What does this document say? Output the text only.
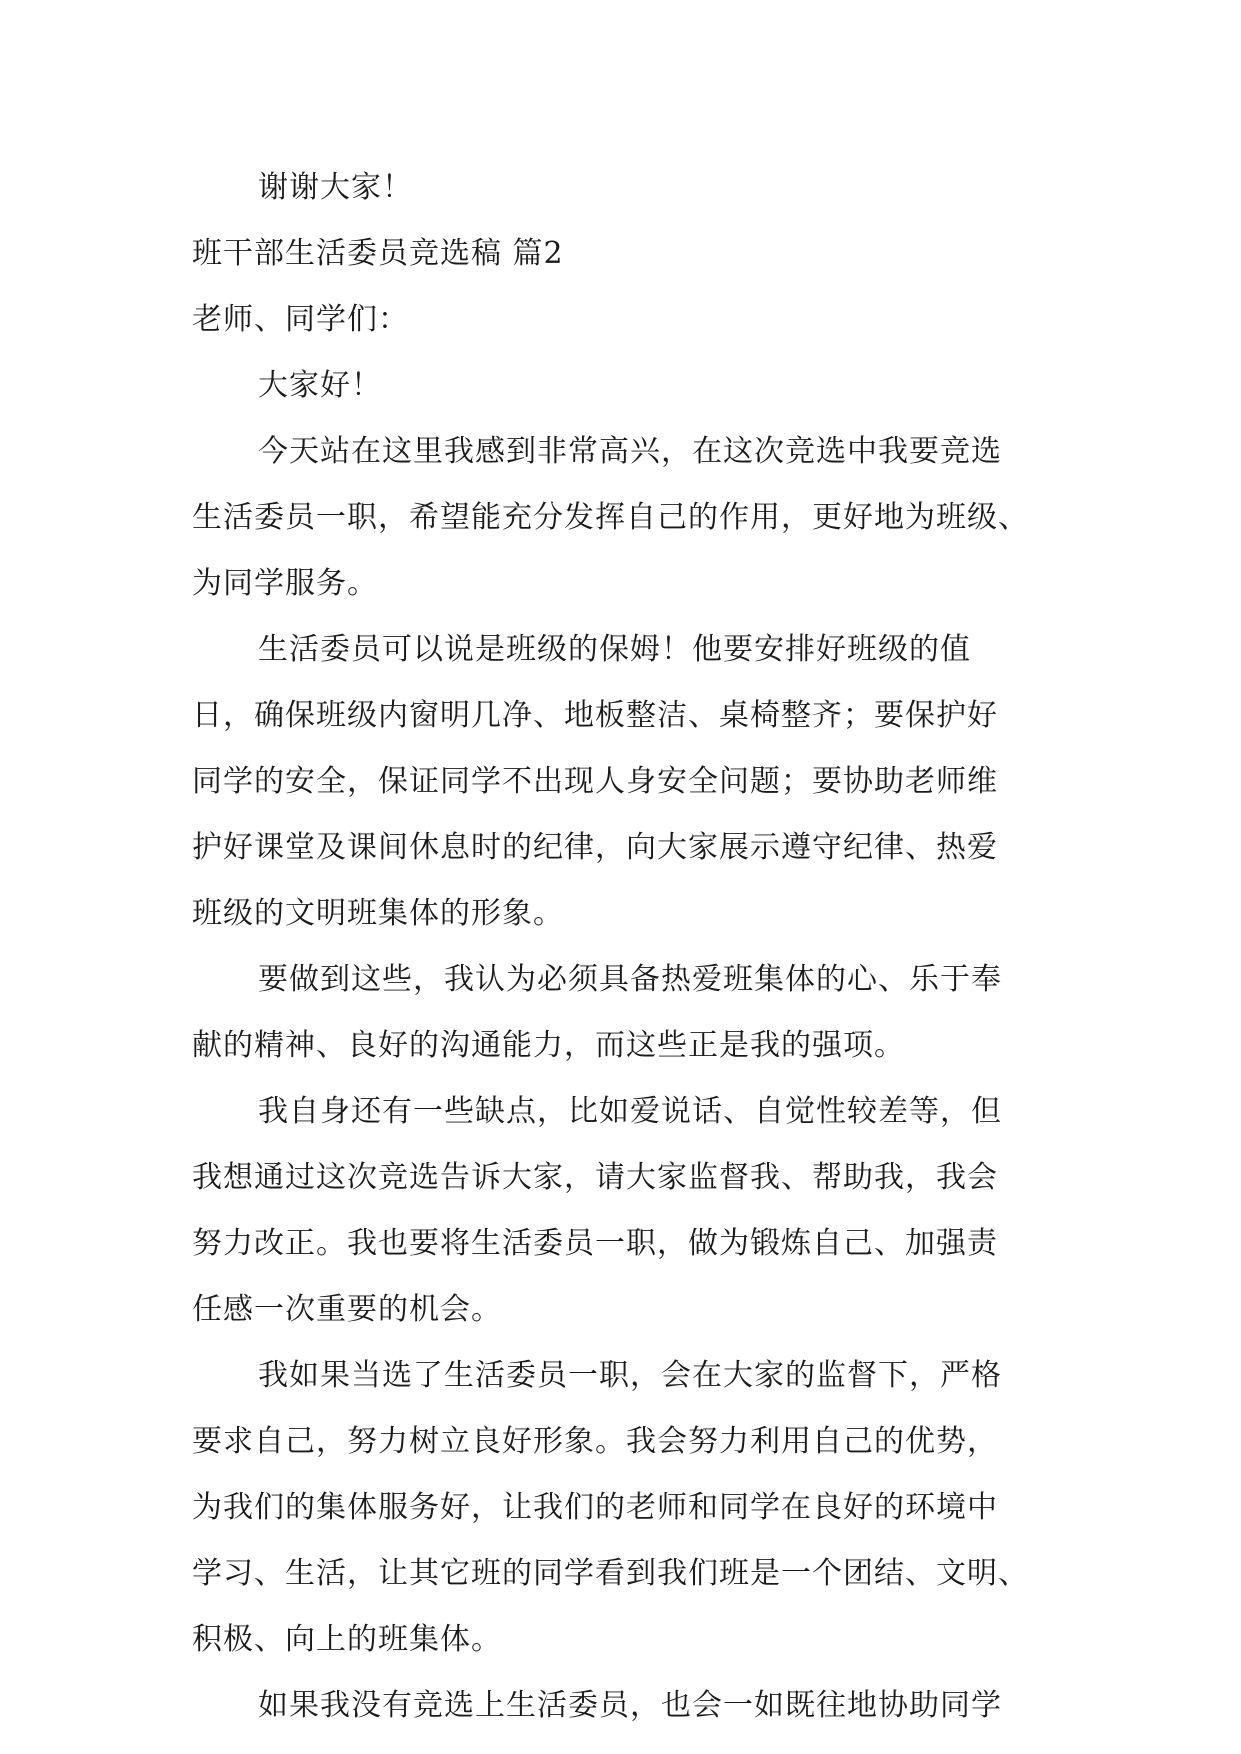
谢谢大家！

班干部生活委员竞选稿 篇2

老师、同学们：

大家好！

今天站在这里我感到非常高兴，在这次竞选中我要竞选

生活委员一职，希望能充分发挥自己的作用，更好地为班级、

为同学服务。

生活委员可以说是班级的保姆！他要安排好班级的值

日，确保班级内窗明几净、地板整洁、桌椅整齐；要保护好

同学的安全，保证同学不出现人身安全问题；要协助老师维

护好课堂及课间休息时的纪律，向大家展示遵守纪律、热爱

班级的文明班集体的形象。

要做到这些，我认为必须具备热爱班集体的心、乐于奉

献的精神、良好的沟通能力，而这些正是我的强项。

我自身还有一些缺点，比如爱说话、自觉性较差等，但

我想通过这次竞选告诉大家，请大家监督我、帮助我，我会

努力改正。我也要将生活委员一职，做为锻炼自己、加强责

任感一次重要的机会。

我如果当选了生活委员一职，会在大家的监督下，严格

要求自己，努力树立良好形象。我会努力利用自己的优势，

为我们的集体服务好，让我们的老师和同学在良好的环境中

学习、生活，让其它班的同学看到我们班是一个团结、文明、

积极、向上的班集体。

如果我没有竞选上生活委员，也会一如既往地协助同学
